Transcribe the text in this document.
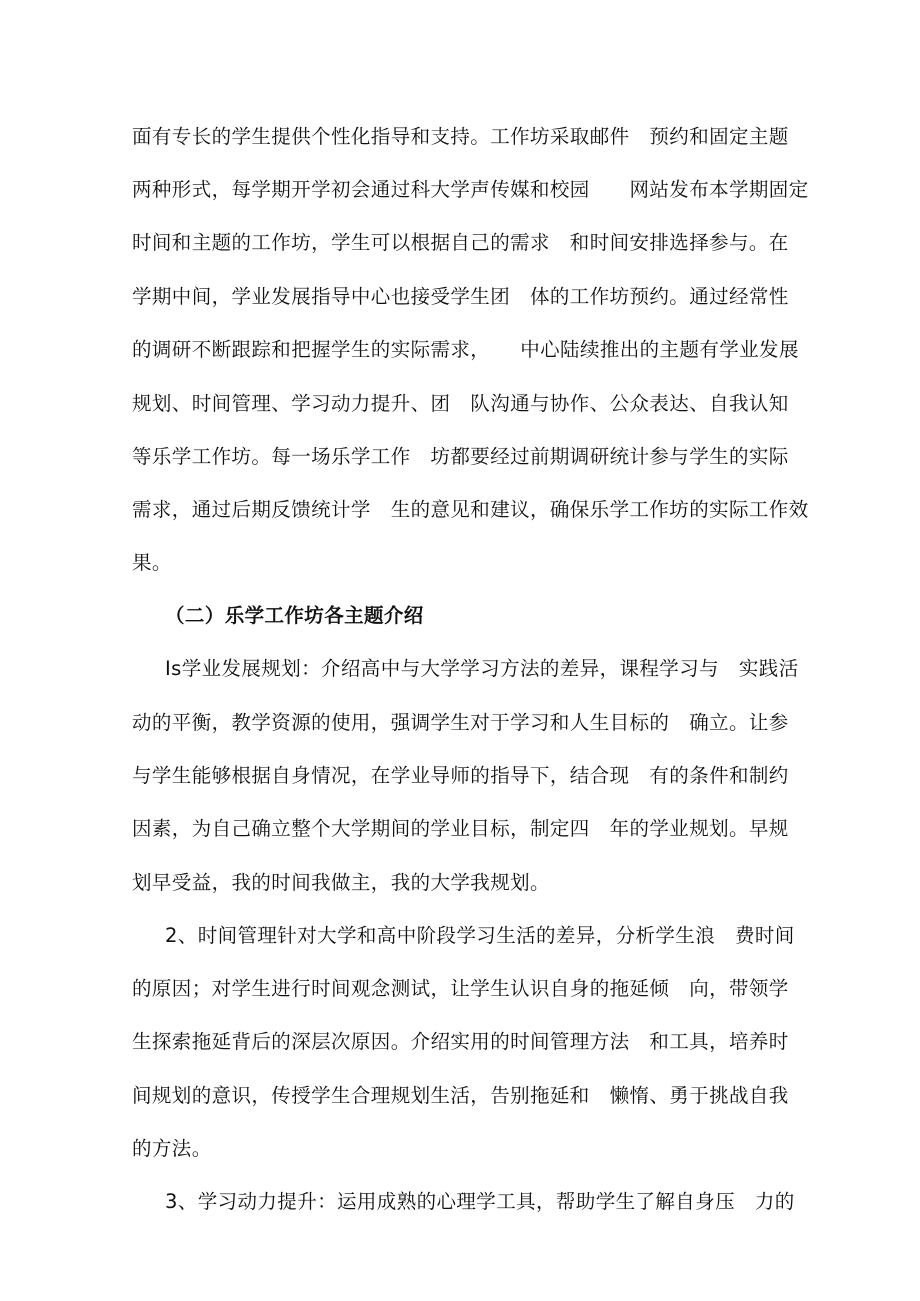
面有专长的学生提供个性化指导和支持。工作坊采取邮件　预约和固定主题
两种形式，每学期开学初会通过科大学声传媒和校园　　网站发布本学期固定
时间和主题的工作坊，学生可以根据自己的需求　和时间安排选择参与。在
学期中间，学业发展指导中心也接受学生团　体的工作坊预约。通过经常性
的调研不断跟踪和把握学生的实际需求，　　中心陆续推出的主题有学业发展
规划、时间管理、学习动力提升、团　队沟通与协作、公众表达、自我认知
等乐学工作坊。每一场乐学工作　坊都要经过前期调研统计参与学生的实际
需求，通过后期反馈统计学　生的意见和建议，确保乐学工作坊的实际工作效
果。
（二）乐学工作坊各主题介绍
Is学业发展规划：介绍高中与大学学习方法的差异，课程学习与　实践活
动的平衡，教学资源的使用，强调学生对于学习和人生目标的　确立。让参
与学生能够根据自身情况，在学业导师的指导下，结合现　有的条件和制约
因素，为自己确立整个大学期间的学业目标，制定四　年的学业规划。早规
划早受益，我的时间我做主，我的大学我规划。
2、时间管理针对大学和高中阶段学习生活的差异，分析学生浪　费时间
的原因；对学生进行时间观念测试，让学生认识自身的拖延倾　向，带领学
生探索拖延背后的深层次原因。介绍实用的时间管理方法　和工具，培养时
间规划的意识，传授学生合理规划生活，告别拖延和　懒惰、勇于挑战自我
的方法。
3、学习动力提升：运用成熟的心理学工具，帮助学生了解自身压　力的
